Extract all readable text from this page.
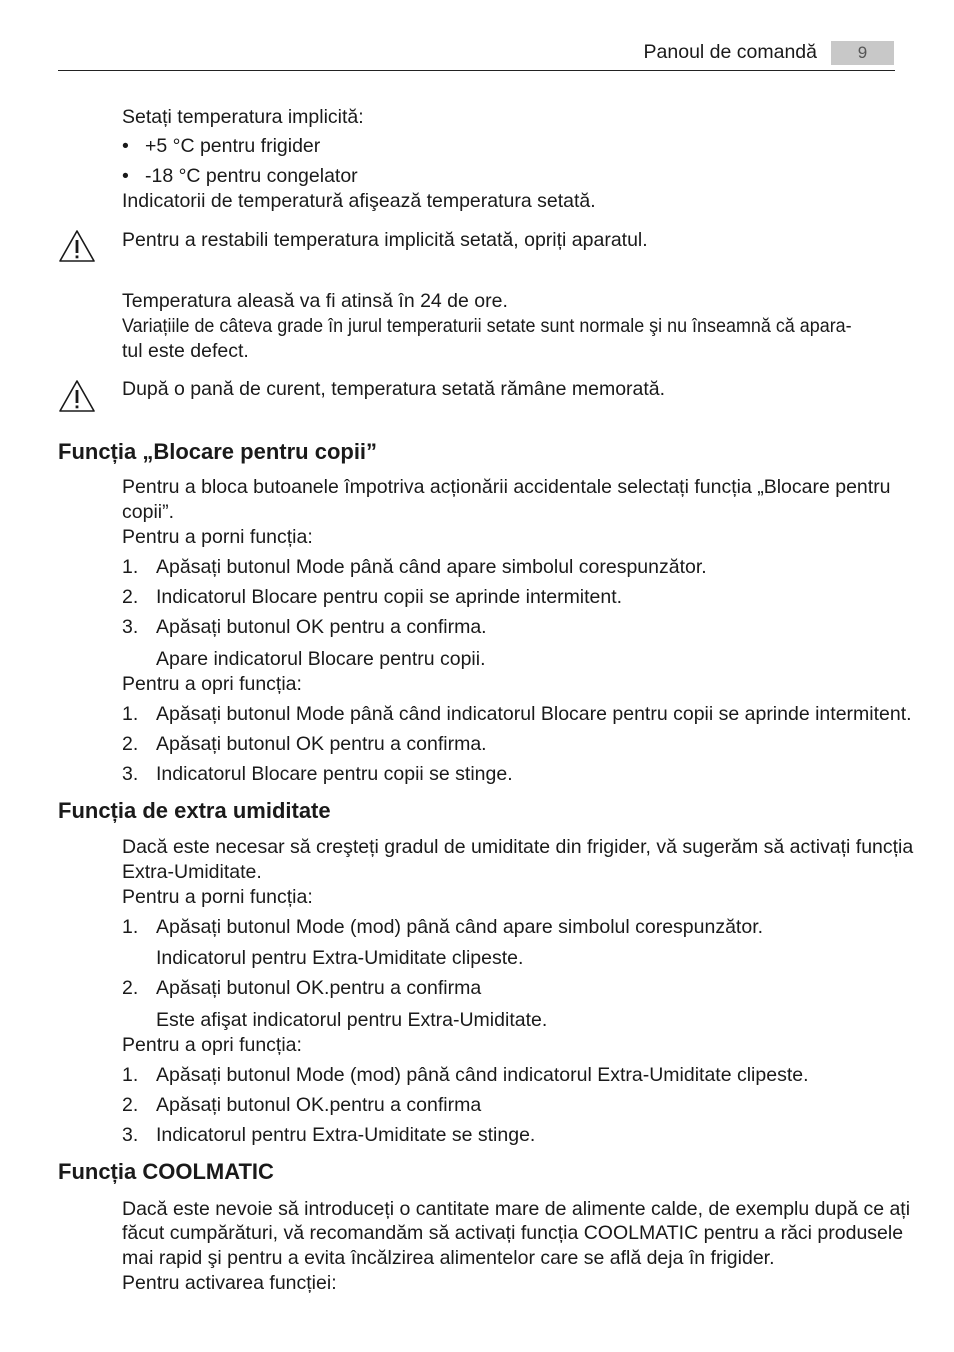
Panoul de comandă	9
Setați temperatura implicită:
• +5 °C pentru frigider
• -18 °C pentru congelator
Indicatorii de temperatură afişează temperatura setată.
Pentru a restabili temperatura implicită setată, opriți aparatul.
Temperatura aleasă va fi atinsă în 24 de ore.
Variațiile de câteva grade în jurul temperaturii setate sunt normale şi nu înseamnă că apara-
tul este defect.
După o pană de curent, temperatura setată rămâne memorată.
Funcția „Blocare pentru copii”
Pentru a bloca butoanele împotriva acționării accidentale selectați funcția „Blocare pentru
copii”.
Pentru a porni funcția:
1. Apăsați butonul Mode până când apare simbolul corespunzător.
2. Indicatorul Blocare pentru copii se aprinde intermitent.
3. Apăsați butonul OK pentru a confirma.
Apare indicatorul Blocare pentru copii.
Pentru a opri funcția:
1. Apăsați butonul Mode până când indicatorul Blocare pentru copii se aprinde intermitent.
2. Apăsați butonul OK pentru a confirma.
3. Indicatorul Blocare pentru copii se stinge.
Funcția de extra umiditate
Dacă este necesar să creşteți gradul de umiditate din frigider, vă sugerăm să activați funcția
Extra-Umiditate.
Pentru a porni funcția:
1. Apăsați butonul Mode (mod) până când apare simbolul corespunzător.
Indicatorul pentru Extra-Umiditate clipeste.
2. Apăsați butonul OK.pentru a confirma
Este afişat indicatorul pentru Extra-Umiditate.
Pentru a opri funcția:
1. Apăsați butonul Mode (mod) până când indicatorul Extra-Umiditate clipeste.
2. Apăsați butonul OK.pentru a confirma
3. Indicatorul pentru Extra-Umiditate se stinge.
Funcția COOLMATIC
Dacă este nevoie să introduceți o cantitate mare de alimente calde, de exemplu după ce ați
făcut cumpărături, vă recomandăm să activați funcția COOLMATIC pentru a răci produsele
mai rapid şi pentru a evita încălzirea alimentelor care se află deja în frigider.
Pentru activarea funcției:
